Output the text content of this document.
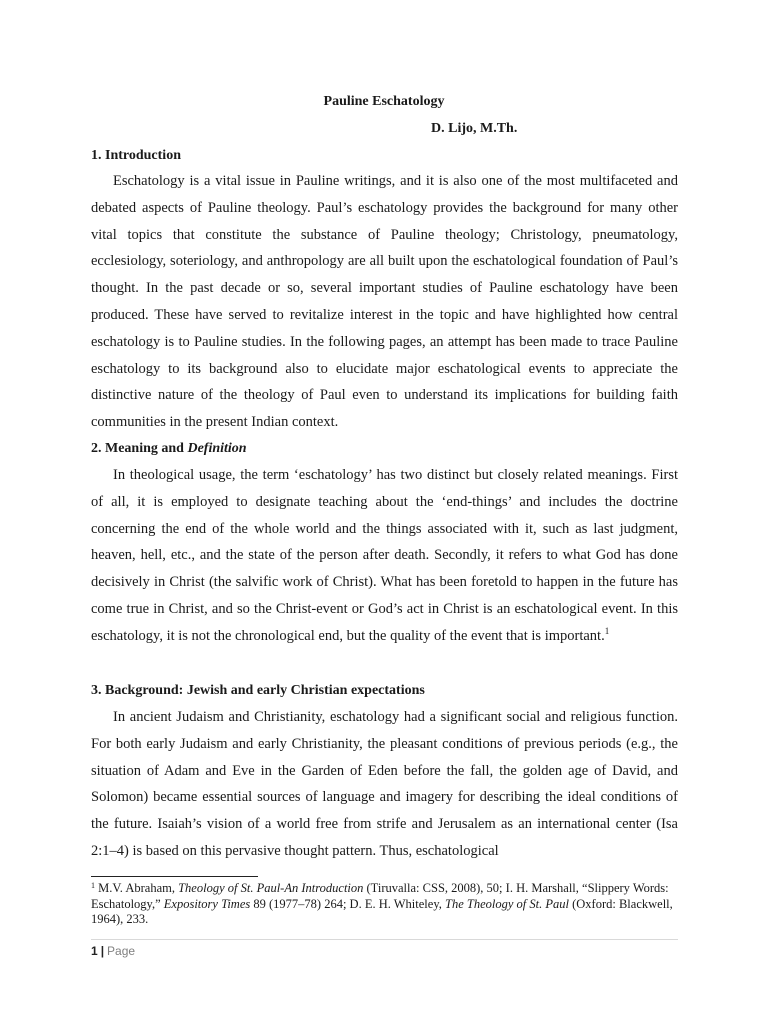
Pauline Eschatology
D. Lijo, M.Th.
1. Introduction

Eschatology is a vital issue in Pauline writings, and it is also one of the most multifaceted and debated aspects of Pauline theology. Paul’s eschatology provides the background for many other vital topics that constitute the substance of Pauline theology; Christology, pneumatology, ecclesiology, soteriology, and anthropology are all built upon the eschatological foundation of Paul’s thought. In the past decade or so, several important studies of Pauline eschatology have been produced. These have served to revitalize interest in the topic and have highlighted how central eschatology is to Pauline studies. In the following pages, an attempt has been made to trace Pauline eschatology to its background also to elucidate major eschatological events to appreciate the distinctive nature of the theology of Paul even to understand its implications for building faith communities in the present Indian context.

2. Meaning and Definition

In theological usage, the term ‘eschatology’ has two distinct but closely related meanings. First of all, it is employed to designate teaching about the ‘end-things’ and includes the doctrine concerning the end of the whole world and the things associated with it, such as last judgment, heaven, hell, etc., and the state of the person after death. Secondly, it refers to what God has done decisively in Christ (the salvific work of Christ). What has been foretold to happen in the future has come true in Christ, and so the Christ-event or God’s act in Christ is an eschatological event. In this eschatology, it is not the chronological end, but the quality of the event that is important.$^1$

3. Background: Jewish and early Christian expectations

In ancient Judaism and Christianity, eschatology had a significant social and religious function. For both early Judaism and early Christianity, the pleasant conditions of previous periods (e.g., the situation of Adam and Eve in the Garden of Eden before the fall, the golden age of David, and Solomon) became essential sources of language and imagery for describing the ideal conditions of the future. Isaiah’s vision of a world free from strife and Jerusalem as an international center (Isa 2:1–4) is based on this pervasive thought pattern. Thus, eschatological

$^1$ M.V. Abraham, Theology of St. Paul-An Introduction (Tiruvalla: CSS, 2008), 50; I. H. Marshall, “Slippery Words: Eschatology,” Expository Times 89 (1977–78) 264; D. E. H. Whiteley, The Theology of St. Paul (Oxford: Blackwell, 1964), 233.

1 | Page
